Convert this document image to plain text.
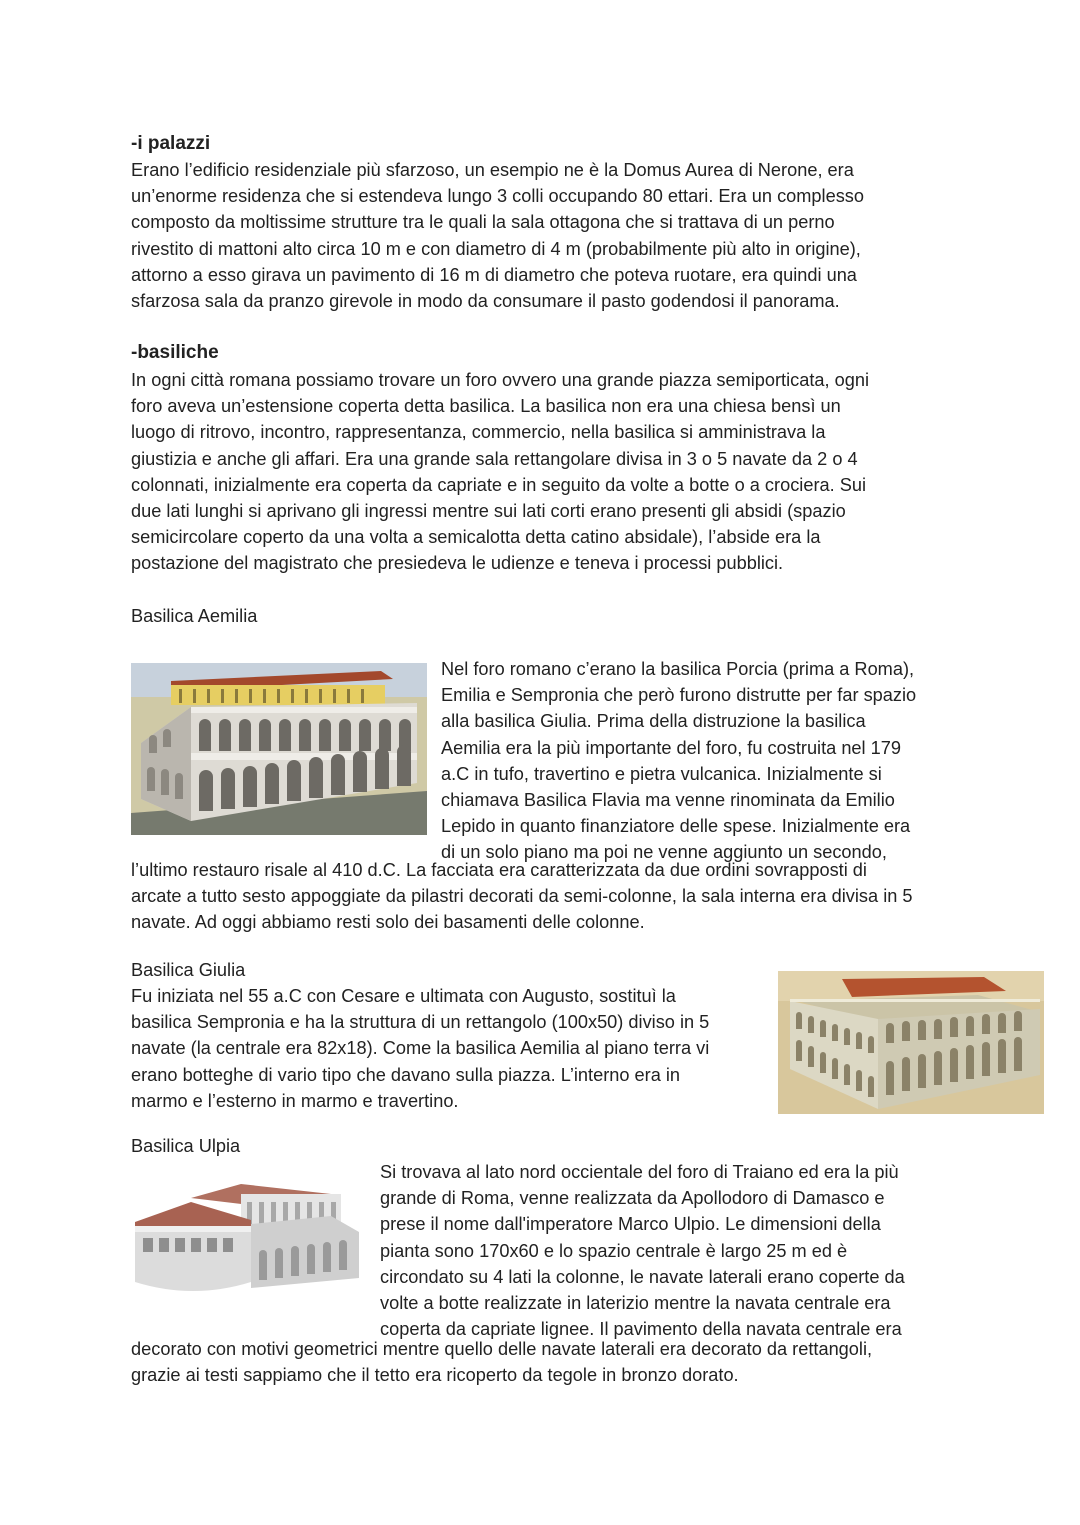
-i palazzi
Erano l’edificio residenziale più sfarzoso, un esempio ne è la Domus Aurea di Nerone, era
un’enorme residenza che si estendeva lungo 3 colli occupando 80 ettari. Era un complesso
composto da moltissime strutture tra le quali la sala ottagona che si trattava di un perno
rivestito di mattoni alto circa 10 m e con diametro di 4 m (probabilmente più alto in origine),
attorno a esso girava un pavimento di 16 m di diametro che poteva ruotare, era quindi una
sfarzosa sala da pranzo girevole in modo da consumare il pasto godendosi il panorama.
-basiliche
In ogni città romana possiamo trovare un foro ovvero una grande piazza semiporticata, ogni
foro aveva un’estensione coperta detta basilica. La basilica non era una chiesa bensì un
luogo di ritrovo, incontro, rappresentanza, commercio, nella basilica si amministrava la
giustizia e anche gli affari. Era una grande sala rettangolare divisa in 3 o 5 navate da 2 o 4
colonnati, inizialmente era coperta da capriate e in seguito da volte a botte o a crociera. Sui
due lati lunghi si aprivano gli ingressi mentre sui lati corti erano presenti gli absidi (spazio
semicircolare coperto da una volta a semicalotta detta catino absidale), l’abside era la
postazione del magistrato che presiedeva le udienze e teneva i processi pubblici.
Basilica Aemilia
Nel foro romano c’erano la basilica Porcia (prima a Roma),
Emilia e Sempronia che però furono distrutte per far spazio
alla basilica Giulia. Prima della distruzione la basilica
Aemilia era la più importante del foro, fu costruita nel 179
a.C in tufo, travertino e pietra vulcanica. Inizialmente si
chiamava Basilica Flavia ma venne rinominata da Emilio
Lepido in quanto finanziatore delle spese. Inizialmente era
di un solo piano ma poi ne venne aggiunto un secondo,
l’ultimo restauro risale al 410 d.C. La facciata era caratterizzata da due ordini sovrapposti di
arcate a tutto sesto appoggiate da pilastri decorati da semi-colonne, la sala interna era divisa in 5
navate. Ad oggi abbiamo resti solo dei basamenti delle colonne.
Basilica Giulia
Fu iniziata nel 55 a.C con Cesare e ultimata con Augusto, sostituì la
basilica Sempronia e ha la struttura di un rettangolo (100x50) diviso in 5
navate (la centrale era 82x18). Come la basilica Aemilia al piano terra vi
erano botteghe di vario tipo che davano sulla piazza. L’interno era in
marmo e l’esterno in marmo e travertino.
Basilica Ulpia
Si trovava al lato nord occientale del foro di Traiano ed era la più
grande di Roma, venne realizzata da Apollodoro di Damasco e
prese il nome dall'imperatore Marco Ulpio. Le dimensioni della
pianta sono 170x60 e lo spazio centrale è largo 25 m ed è
circondato su 4 lati la colonne, le navate laterali erano coperte da
volte a botte realizzate in laterizio mentre la navata centrale era
coperta da capriate lignee. Il pavimento della navata centrale era
decorato con motivi geometrici mentre quello delle navate laterali era decorato da rettangoli,
grazie ai testi sappiamo che il tetto era ricoperto da tegole in bronzo dorato.
